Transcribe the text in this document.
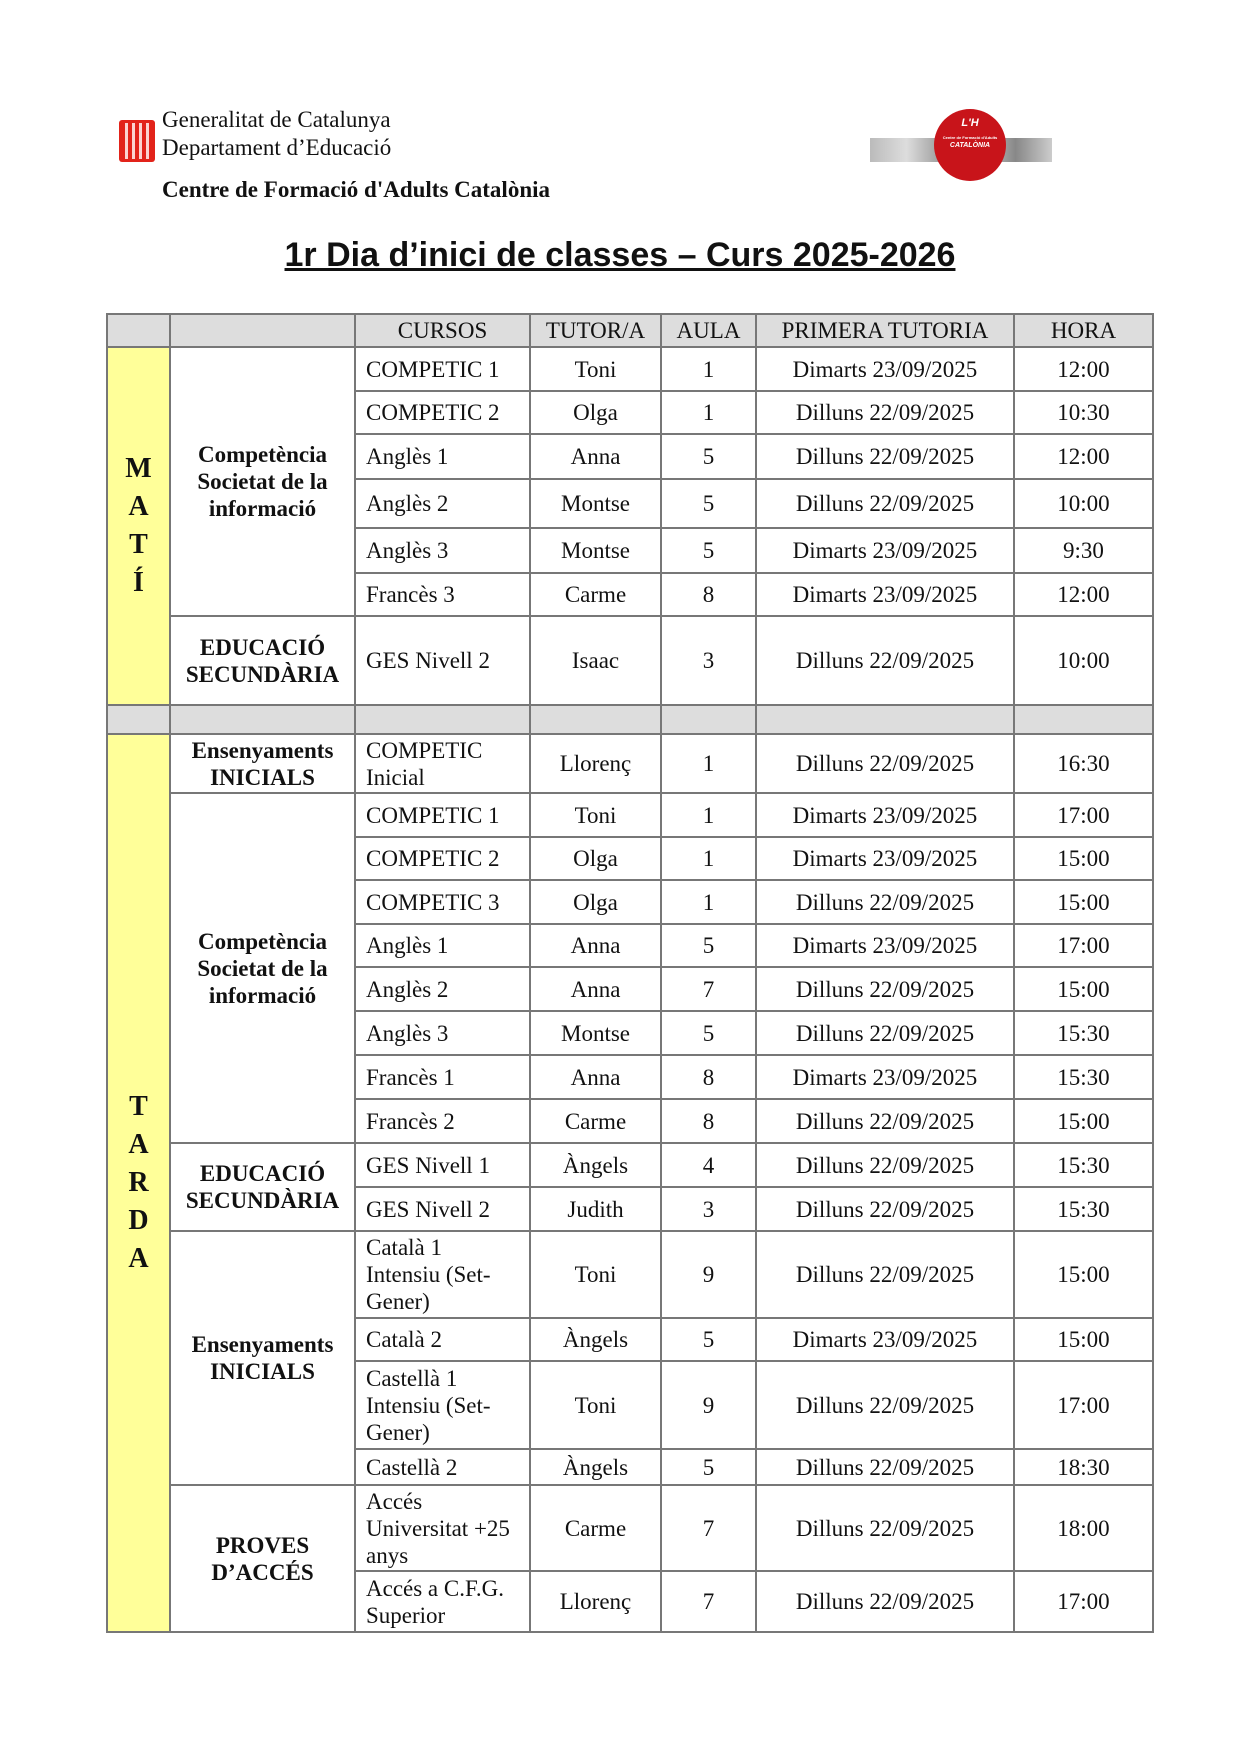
Generalitat de Catalunya
Departament d’Educació
Centre de Formació d'Adults Catalònia
L'H
Centre de Formació d'Adults
CATALÒNIA
1r Dia d’inici de classes – Curs 2025-2026
		CURSOS	TUTOR/A	AULA	PRIMERA TUTORIA	HORA

MATÍ	Competència Societat de la informació	COMPETIC 1	Toni	1	Dimarts 23/09/2025	12:00
		COMPETIC 2	Olga	1	Dilluns 22/09/2025	10:30
		Anglès 1	Anna	5	Dilluns 22/09/2025	12:00
		Anglès 2	Montse	5	Dilluns 22/09/2025	10:00
		Anglès 3	Montse	5	Dimarts 23/09/2025	9:30
		Francès 3	Carme	8	Dimarts 23/09/2025	12:00
	EDUCACIÓ SECUNDÀRIA	GES Nivell 2	Isaac	3	Dilluns 22/09/2025	10:00

TARDA	Ensenyaments INICIALS	COMPETIC Inicial	Llorenç	1	Dilluns 22/09/2025	16:30
	Competència Societat de la informació	COMPETIC 1	Toni	1	Dimarts 23/09/2025	17:00
		COMPETIC 2	Olga	1	Dimarts 23/09/2025	15:00
		COMPETIC 3	Olga	1	Dilluns 22/09/2025	15:00
		Anglès 1	Anna	5	Dimarts 23/09/2025	17:00
		Anglès 2	Anna	7	Dilluns 22/09/2025	15:00
		Anglès 3	Montse	5	Dilluns 22/09/2025	15:30
		Francès 1	Anna	8	Dimarts 23/09/2025	15:30
		Francès 2	Carme	8	Dilluns 22/09/2025	15:00
	EDUCACIÓ SECUNDÀRIA	GES Nivell 1	Àngels	4	Dilluns 22/09/2025	15:30
		GES Nivell 2	Judith	3	Dilluns 22/09/2025	15:30
	Ensenyaments INICIALS	Català 1 Intensiu (Set-Gener)	Toni	9	Dilluns 22/09/2025	15:00
		Català 2	Àngels	5	Dimarts 23/09/2025	15:00
		Castellà 1 Intensiu (Set-Gener)	Toni	9	Dilluns 22/09/2025	17:00
		Castellà 2	Àngels	5	Dilluns 22/09/2025	18:30
	PROVES D’ACCÉS	Accés Universitat +25 anys	Carme	7	Dilluns 22/09/2025	18:00
		Accés a C.F.G. Superior	Llorenç	7	Dilluns 22/09/2025	17:00
